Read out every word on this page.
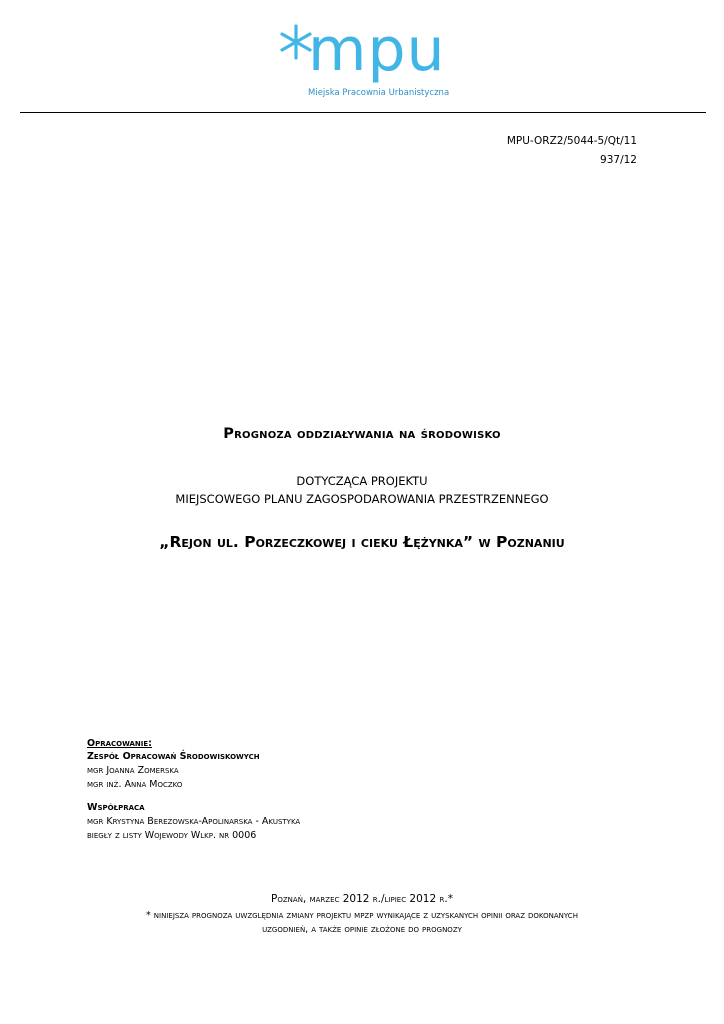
mpu
Miejska Pracownia Urbanistyczna
MPU-ORZ2/5044-5/Qt/11
937/12
Prognoza oddziaływania na środowisko
DOTYCZĄCA PROJEKTU
MIEJSCOWEGO PLANU ZAGOSPODAROWANIA PRZESTRZENNEGO
„Rejon ul. Porzeczkowej i cieku Łężynka” w Poznaniu
Opracowanie:
Zespół Opracowań Środowiskowych
mgr Joanna Zomerska
mgr inż. Anna Moczko
Współpraca
mgr Krystyna Berezowska-Apolinarska - Akustyka
biegły z listy Wojewody Wlkp. nr 0006
Poznań, marzec 2012 r./lipiec 2012 r.*
* niniejsza prognoza uwzględnia zmiany projektu mpzp wynikające z uzyskanych opinii oraz dokonanych
uzgodnień, a także opinie złożone do prognozy
